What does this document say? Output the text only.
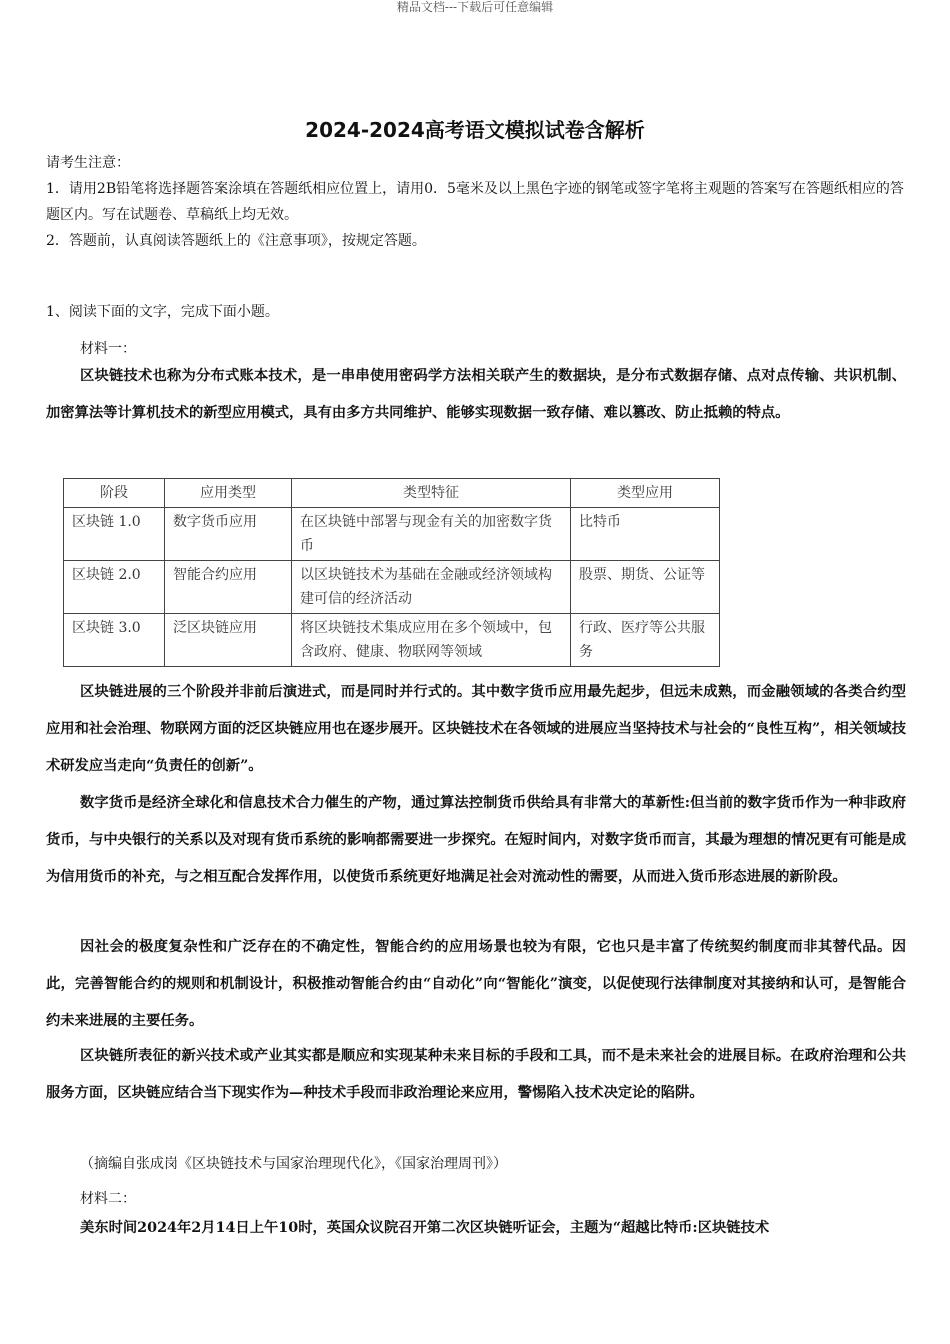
精品文档---下载后可任意编辑
2024-2024高考语文模拟试卷含解析

请考生注意：

1．请用2B铅笔将选择题答案涂填在答题纸相应位置上，请用0．5毫米及以上黑色字迹的钢笔或签字笔将主观题的答案写在答题纸相应的答题区内。写在试题卷、草稿纸上均无效。

2．答题前，认真阅读答题纸上的《注意事项》，按规定答题。

1、阅读下面的文字，完成下面小题。
材料一：
区块链技术也称为分布式账本技术，是一串串使用密码学方法相关联产生的数据块，是分布式数据存储、点对点传输、共识机制、加密算法等计算机技术的新型应用模式，具有由多方共同维护、能够实现数据一致存储、难以篡改、防止抵赖的特点。
阶段	应用类型	类型特征	类型应用
区块链 1.0	数字货币应用	在区块链中部署与现金有关的加密数字货币	比特币
区块链 2.0	智能合约应用	以区块链技术为基础在金融或经济领域构建可信的经济活动	股票、期货、公证等
区块链 3.0	泛区块链应用	将区块链技术集成应用在多个领域中，包含政府、健康、物联网等领域	行政、医疗等公共服务
区块链进展的三个阶段并非前后演进式，而是同时并行式的。其中数字货币应用最先起步，但远未成熟，而金融领域的各类合约型应用和社会治理、物联网方面的泛区块链应用也在逐步展开。区块链技术在各领域的进展应当坚持技术与社会的“良性互构”，相关领域技术研发应当走向“负责任的创新”。
数字货币是经济全球化和信息技术合力催生的产物，通过算法控制货币供给具有非常大的革新性:但当前的数字货币作为一种非政府货币，与中央银行的关系以及对现有货币系统的影响都需要进一步探究。在短时间内，对数字货币而言，其最为理想的情况更有可能是成为信用货币的补充，与之相互配合发挥作用，以使货币系统更好地满足社会对流动性的需要，从而进入货币形态进展的新阶段。
因社会的极度复杂性和广泛存在的不确定性，智能合约的应用场景也较为有限，它也只是丰富了传统契约制度而非其替代品。因此，完善智能合约的规则和机制设计，积极推动智能合约由“自动化”向“智能化”演变，以促使现行法律制度对其接纳和认可，是智能合约未来进展的主要任务。
区块链所表征的新兴技术或产业其实都是顺应和实现某种未来目标的手段和工具，而不是未来社会的进展目标。在政府治理和公共服务方面，区块链应结合当下现实作为—种技术手段而非政治理论来应用，警惕陷入技术决定论的陷阱。
（摘编自张成岗《区块链技术与国家治理现代化》，《国家治理周刊》）
材料二：
美东时间2024年2月14日上午10时，英国众议院召开第二次区块链听证会，主题为“超越比特币:区块链技术
